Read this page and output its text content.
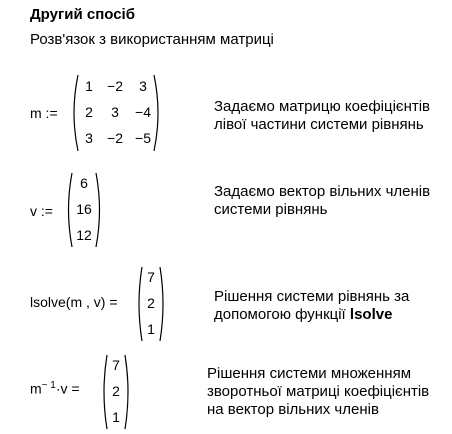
Другий спосіб
Розв'язок з використанням матриці
m :=
1	−2	3
2	3	−4
3	−2 −5
Задаємо матрицю коефіцієнтів
лівої частини системи рівнянь
v :=
6
16
12
Задаємо вектор вільних членів
системи рівнянь
lsolve(m , v) =
7
2
1
Рішення системи рівнянь за
допомогою функції lsolve
$m^{- 1}\cdot v$ =
7
2
1
Рішення системи множенням
зворотньої матриці коефіцієнтів
на вектор вільних членів
